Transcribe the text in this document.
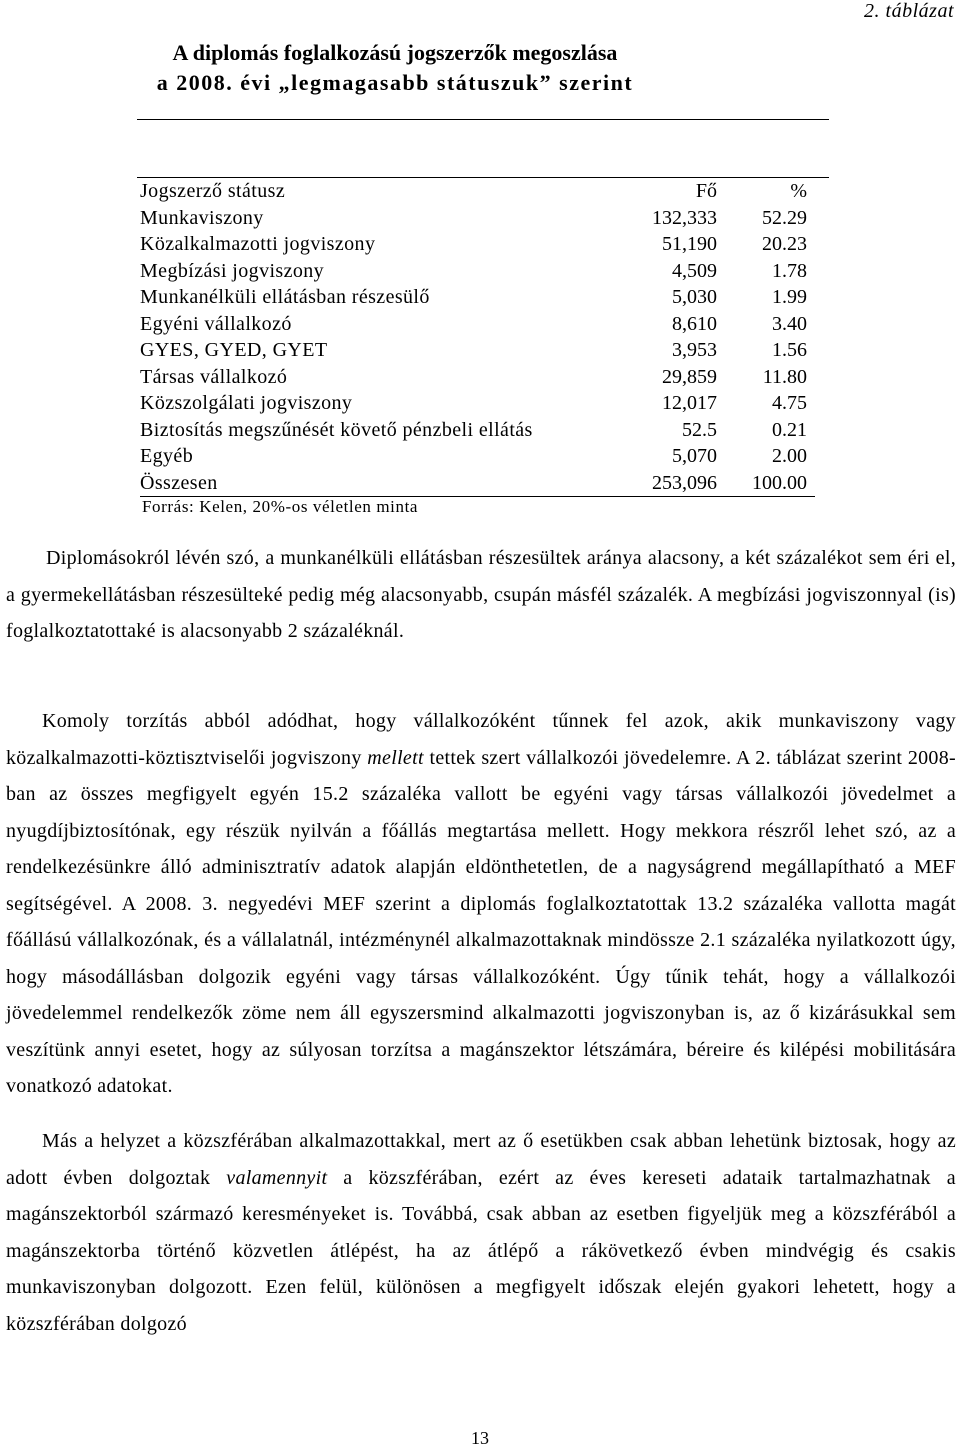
2. táblázat
A diplomás foglalkozású jogszerzők megoszlása
a 2008. évi „legmagasabb státuszuk” szerint
Jogszerző státusz	Fő	%
Munkaviszony	132,333	52.29
Közalkalmazotti jogviszony	51,190	20.23
Megbízási jogviszony	4,509	1.78
Munkanélküli ellátásban részesülő	5,030	1.99
Egyéni vállalkozó	8,610	3.40
GYES, GYED, GYET	3,953	1.56
Társas vállalkozó	29,859	11.80
Közszolgálati jogviszony	12,017	4.75
Biztosítás megszűnését követő pénzbeli ellátás	52.5	0.21
Egyéb	5,070	2.00
Összesen	253,096	100.00
Forrás: Kelen, 20%-os véletlen minta

Diplomásokról lévén szó, a munkanélküli ellátásban részesültek aránya alacsony, a két százalékot sem éri el, a gyermekellátásban részesülteké pedig még alacsonyabb, csupán másfél százalék. A megbízási jogviszonnyal (is) foglalkoztatottaké is alacsonyabb 2 százaléknál.

Komoly torzítás abból adódhat, hogy vállalkozóként tűnnek fel azok, akik munkaviszony vagy közalkalmazotti-köztisztviselői jogviszony mellett tettek szert vállalkozói jövedelemre. A 2. táblázat szerint 2008-ban az összes megfigyelt egyén 15.2 százaléka vallott be egyéni vagy társas vállalkozói jövedelmet a nyugdíjbiztosítónak, egy részük nyilván a főállás megtartása mellett. Hogy mekkora részről lehet szó, az a rendelkezésünkre álló adminisztratív adatok alapján eldönthetetlen, de a nagyságrend megállapítható a MEF segítségével. A 2008. 3. negyedévi MEF szerint a diplomás foglalkoztatottak 13.2 százaléka vallotta magát főállású vállalkozónak, és a vállalatnál, intézménynél alkalmazottaknak mindössze 2.1 százaléka nyilatkozott úgy, hogy másodállásban dolgozik egyéni vagy társas vállalkozóként. Úgy tűnik tehát, hogy a vállalkozói jövedelemmel rendelkezők zöme nem áll egyszersmind alkalmazotti jogviszonyban is, az ő kizárásukkal sem veszítünk annyi esetet, hogy az súlyosan torzítsa a magánszektor létszámára, béreire és kilépési mobilitására vonatkozó adatokat.

Más a helyzet a közszférában alkalmazottakkal, mert az ő esetükben csak abban lehetünk biztosak, hogy az adott évben dolgoztak valamennyit a közszférában, ezért az éves kereseti adataik tartalmazhatnak a magánszektorból származó keresményeket is. Továbbá, csak abban az esetben figyeljük meg a közszférából a magánszektorba történő közvetlen átlépést, ha az átlépő a rákövetkező évben mindvégig és csakis munkaviszonyban dolgozott. Ezen felül, különösen a megfigyelt időszak elején gyakori lehetett, hogy a közszférában dolgozó

13
